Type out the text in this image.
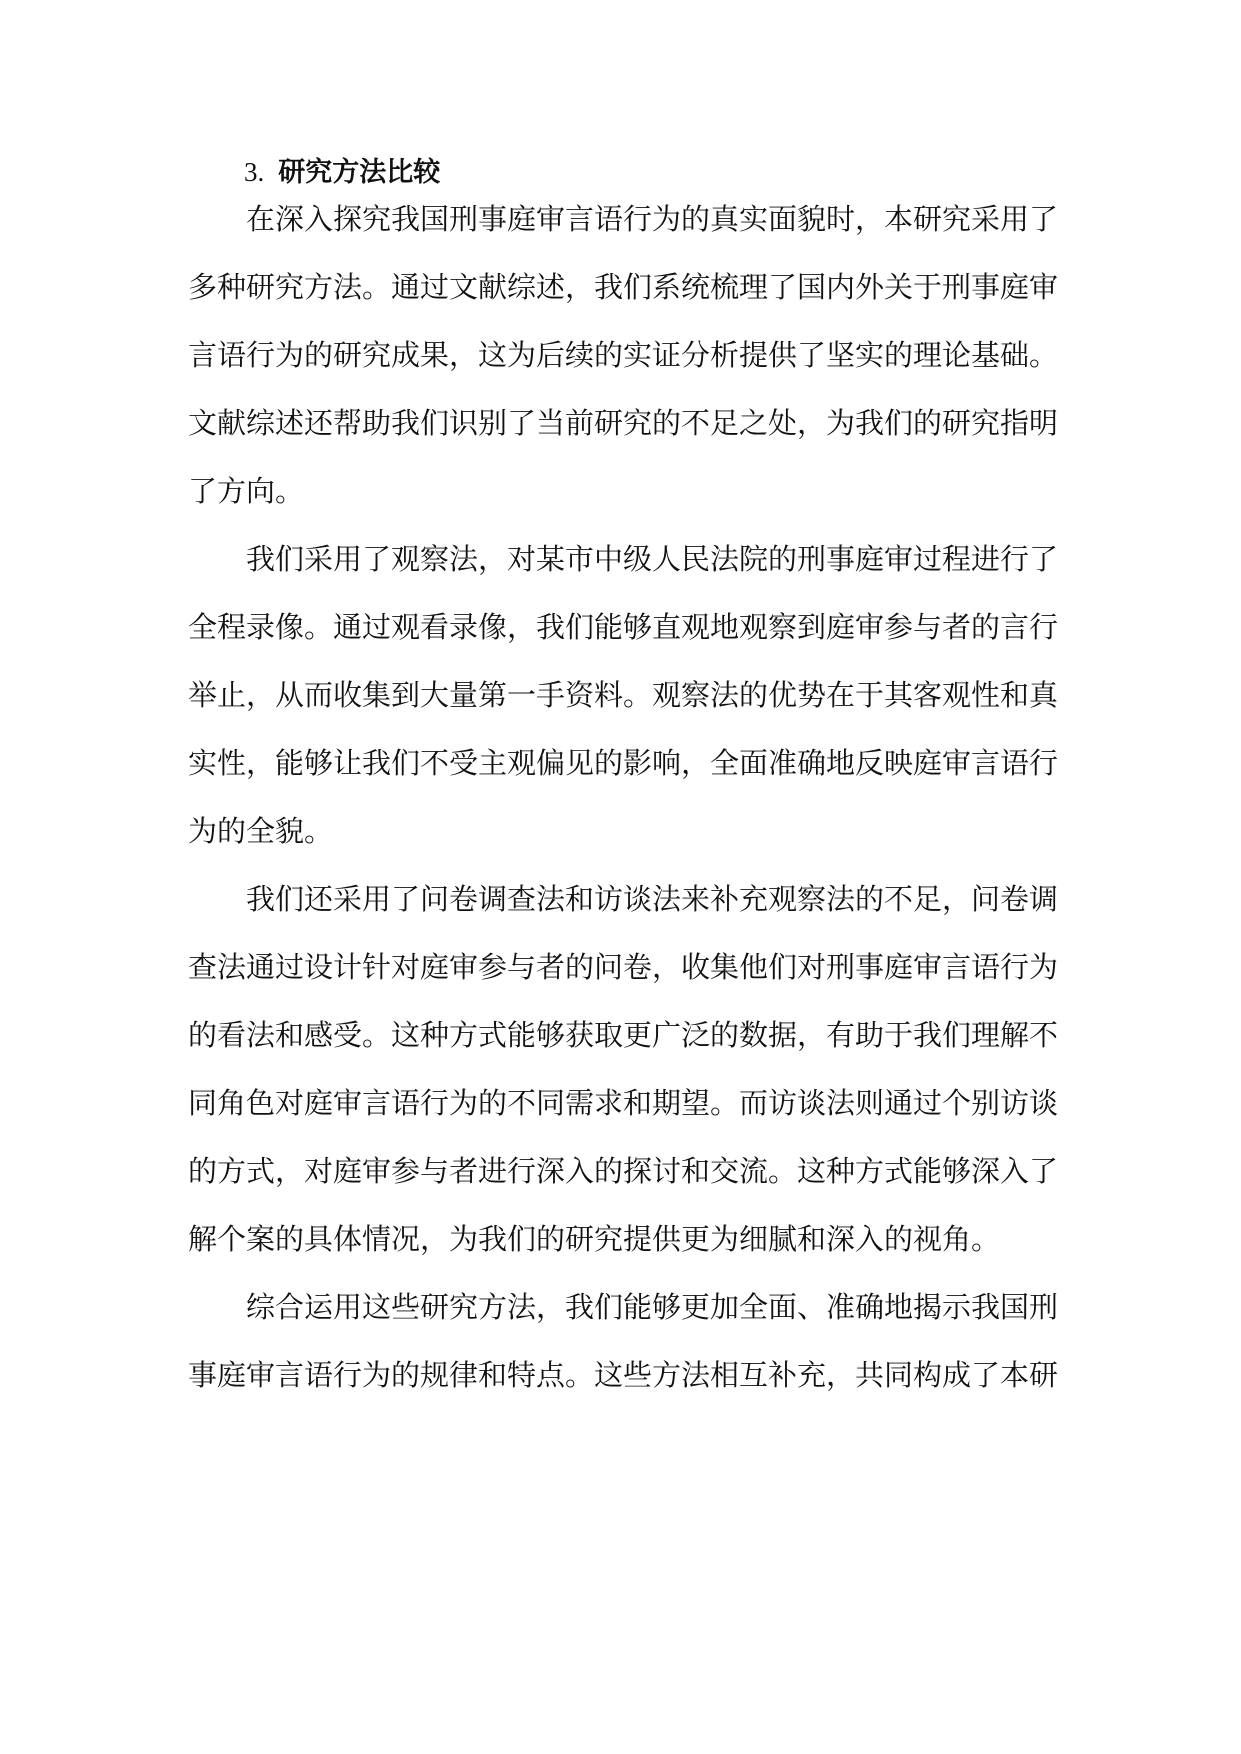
3. 研究方法比较
在深入探究我国刑事庭审言语行为的真实面貌时，本研究采用了
多种研究方法。通过文献综述，我们系统梳理了国内外关于刑事庭审
言语行为的研究成果，这为后续的实证分析提供了坚实的理论基础。
文献综述还帮助我们识别了当前研究的不足之处，为我们的研究指明
了方向。
我们采用了观察法，对某市中级人民法院的刑事庭审过程进行了
全程录像。通过观看录像，我们能够直观地观察到庭审参与者的言行
举止，从而收集到大量第一手资料。观察法的优势在于其客观性和真
实性，能够让我们不受主观偏见的影响，全面准确地反映庭审言语行
为的全貌。
我们还采用了问卷调查法和访谈法来补充观察法的不足，问卷调
查法通过设计针对庭审参与者的问卷，收集他们对刑事庭审言语行为
的看法和感受。这种方式能够获取更广泛的数据，有助于我们理解不
同角色对庭审言语行为的不同需求和期望。而访谈法则通过个别访谈
的方式，对庭审参与者进行深入的探讨和交流。这种方式能够深入了
解个案的具体情况，为我们的研究提供更为细腻和深入的视角。
综合运用这些研究方法，我们能够更加全面、准确地揭示我国刑
事庭审言语行为的规律和特点。这些方法相互补充，共同构成了本研
